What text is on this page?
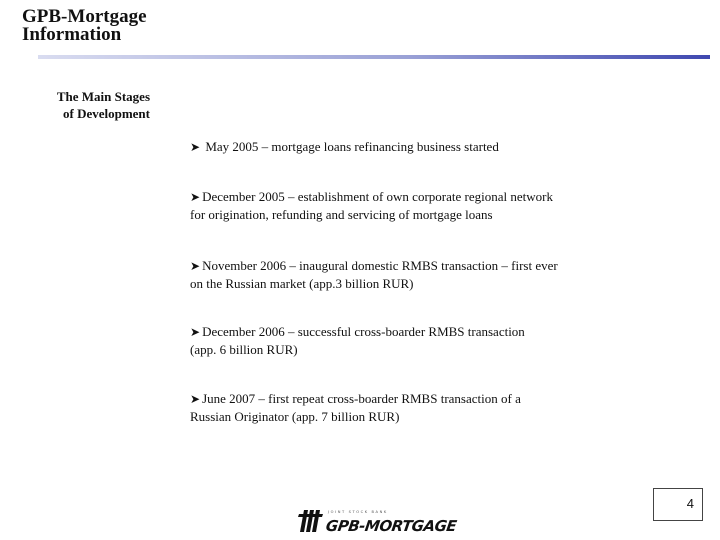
GPB-Mortgage
Information
The Main Stages
of Development
➤ May 2005 – mortgage loans refinancing business started
➤ December 2005 – establishment of own corporate regional network
for origination, refunding and servicing of mortgage loans
➤ November 2006 – inaugural domestic RMBS transaction – first ever
on the Russian market (app.3 billion RUR)
➤ December 2006 – successful cross-boarder RMBS transaction
(app. 6 billion RUR)
➤ June 2007 – first repeat cross-boarder RMBS transaction of a
Russian Originator (app. 7 billion RUR)
4
JOINT STOCK BANK
GPB-MORTGAGE
